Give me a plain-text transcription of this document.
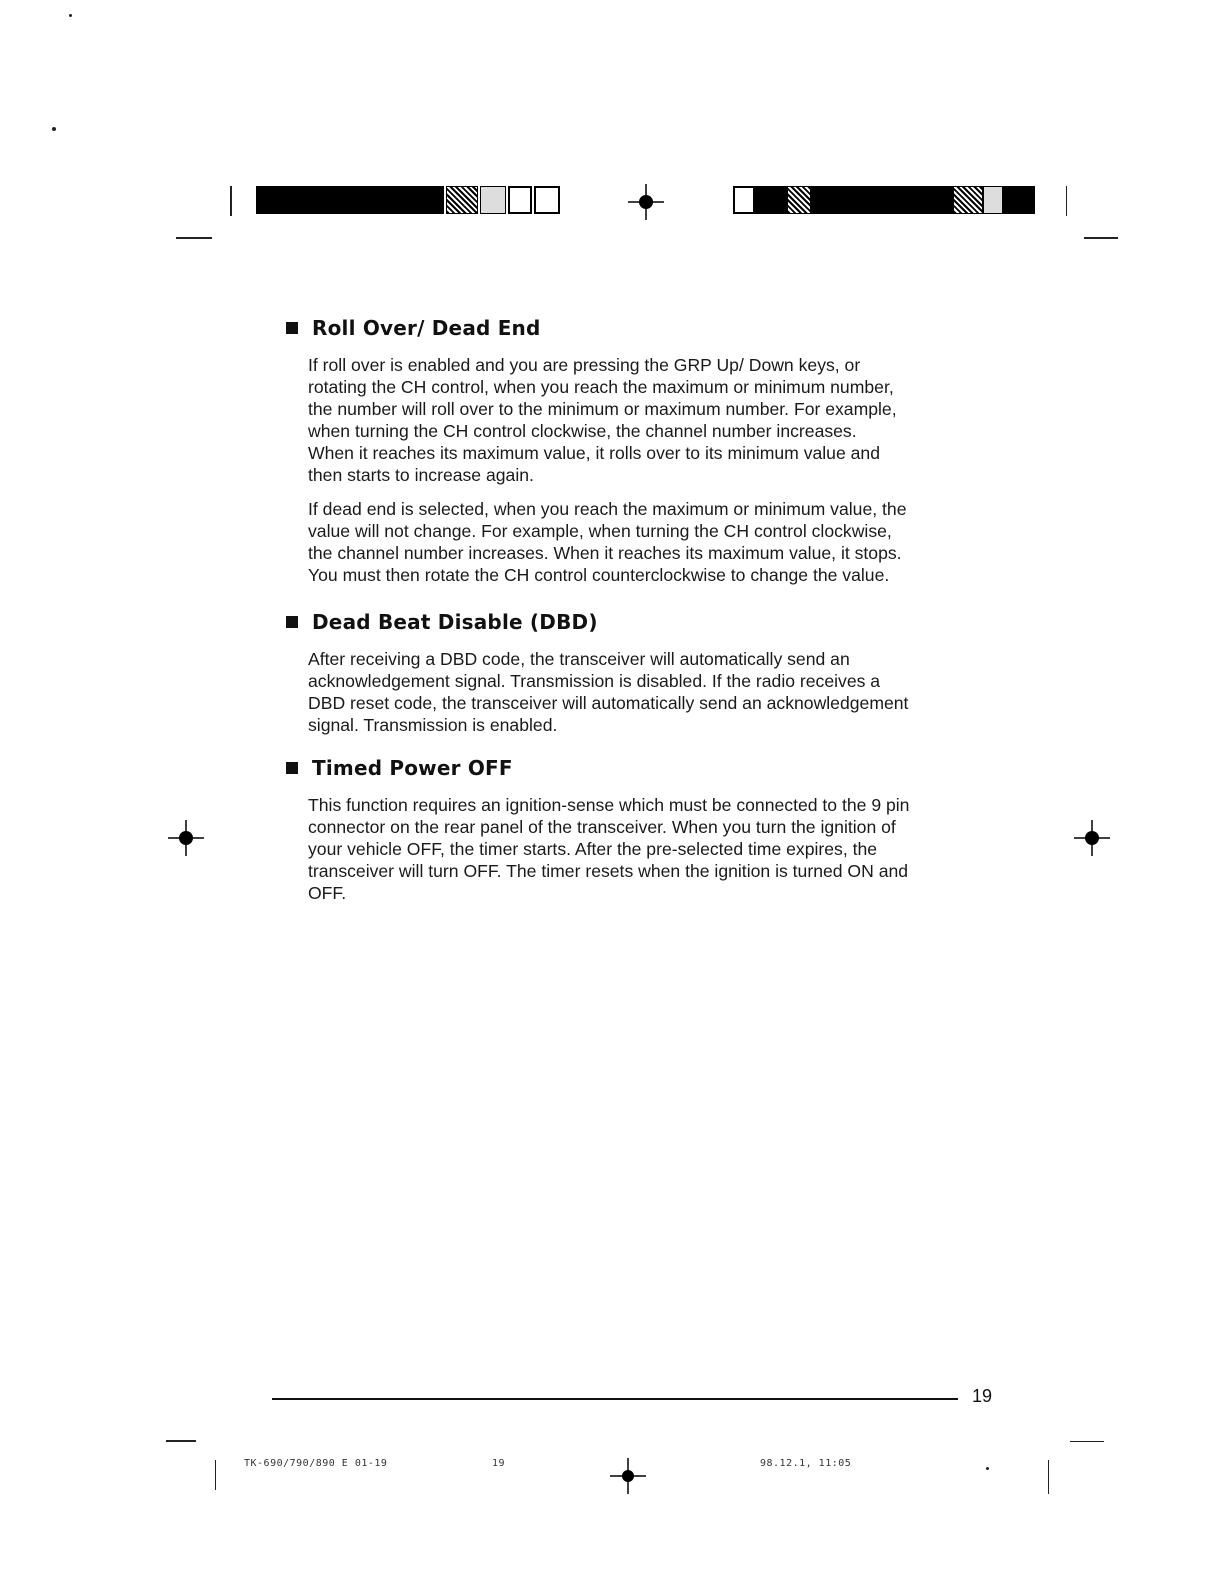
Roll Over/ Dead End

If roll over is enabled and you are pressing the GRP Up/ Down keys, or
rotating the CH control, when you reach the maximum or minimum number,
the number will roll over to the minimum or maximum number. For example,
when turning the CH control clockwise, the channel number increases.
When it reaches its maximum value, it rolls over to its minimum value and
then starts to increase again.

If dead end is selected, when you reach the maximum or minimum value, the
value will not change. For example, when turning the CH control clockwise,
the channel number increases. When it reaches its maximum value, it stops.
You must then rotate the CH control counterclockwise to change the value.

Dead Beat Disable (DBD)

After receiving a DBD code, the transceiver will automatically send an
acknowledgement signal. Transmission is disabled. If the radio receives a
DBD reset code, the transceiver will automatically send an acknowledgement
signal. Transmission is enabled.

Timed Power OFF

This function requires an ignition-sense which must be connected to the 9 pin
connector on the rear panel of the transceiver. When you turn the ignition of
your vehicle OFF, the timer starts. After the pre-selected time expires, the
transceiver will turn OFF. The timer resets when the ignition is turned ON and
OFF.

19
TK-690/790/890 E 01-19	19	98.12.1, 11:05
